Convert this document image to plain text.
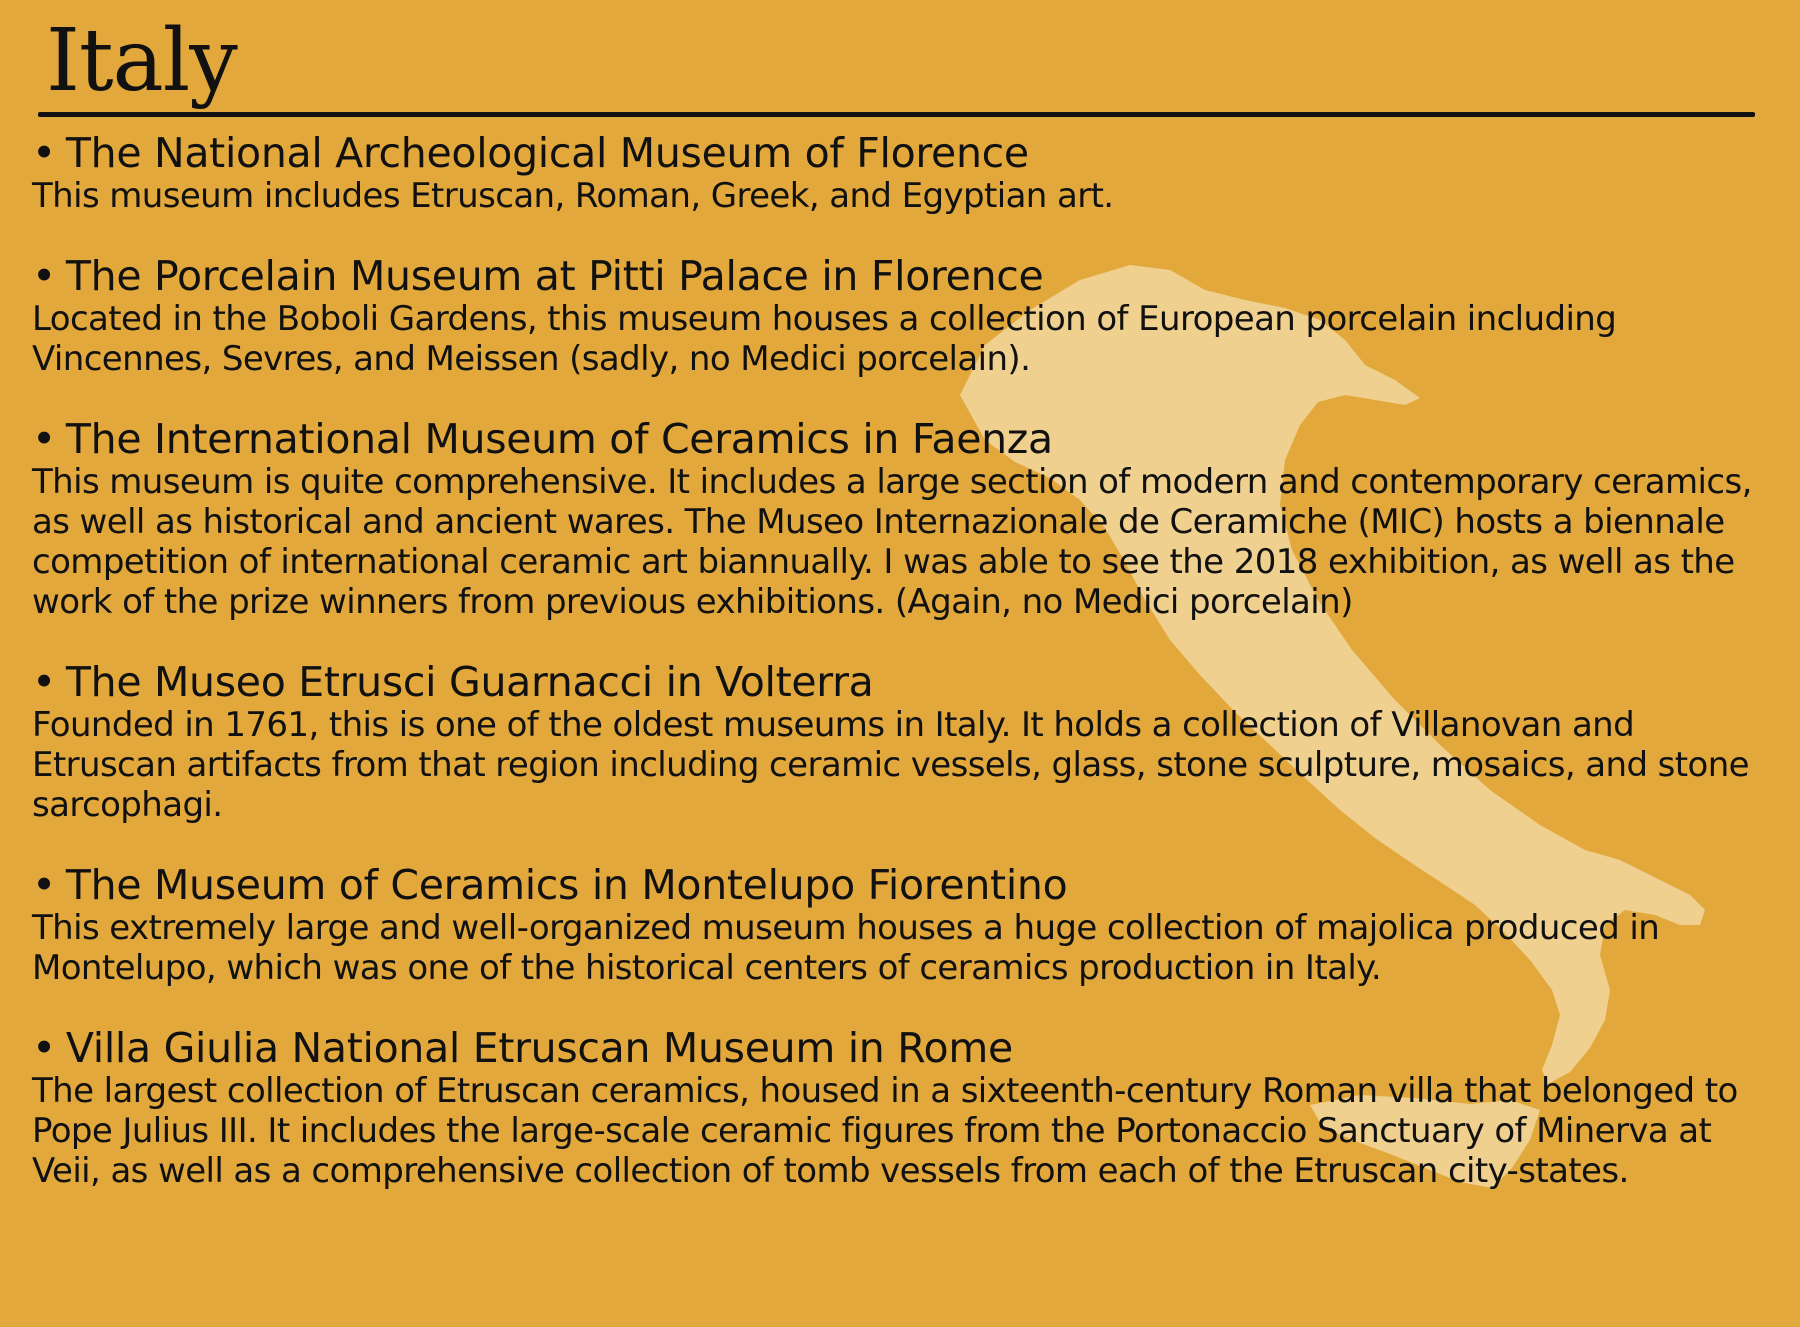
Italy
• The National Archeological Museum of Florence
This museum includes Etruscan, Roman, Greek, and Egyptian art.
• The Porcelain Museum at Pitti Palace in Florence
Located in the Boboli Gardens, this museum houses a collection of European porcelain including Vincennes, Sevres, and Meissen (sadly, no Medici porcelain).
• The International Museum of Ceramics in Faenza
This museum is quite comprehensive. It includes a large section of modern and contemporary ceramics, as well as historical and ancient wares. The Museo Internazionale de Ceramiche (MIC) hosts a biennale competition of international ceramic art biannually. I was able to see the 2018 exhibition, as well as the work of the prize winners from previous exhibitions. (Again, no Medici porcelain)
• The Museo Etrusci Guarnacci in Volterra
Founded in 1761, this is one of the oldest museums in Italy. It holds a collection of Villanovan and Etruscan artifacts from that region including ceramic vessels, glass, stone sculpture, mosaics, and stone sarcophagi.
• The Museum of Ceramics in Montelupo Fiorentino
This extremely large and well-organized museum houses a huge collection of majolica produced in Montelupo, which was one of the historical centers of ceramics production in Italy.
• Villa Giulia National Etruscan Museum in Rome
The largest collection of Etruscan ceramics, housed in a sixteenth-century Roman villa that belonged to Pope Julius III. It includes the large-scale ceramic figures from the Portonaccio Sanctuary of Minerva at Veii, as well as a comprehensive collection of tomb vessels from each of the Etruscan city-states.
